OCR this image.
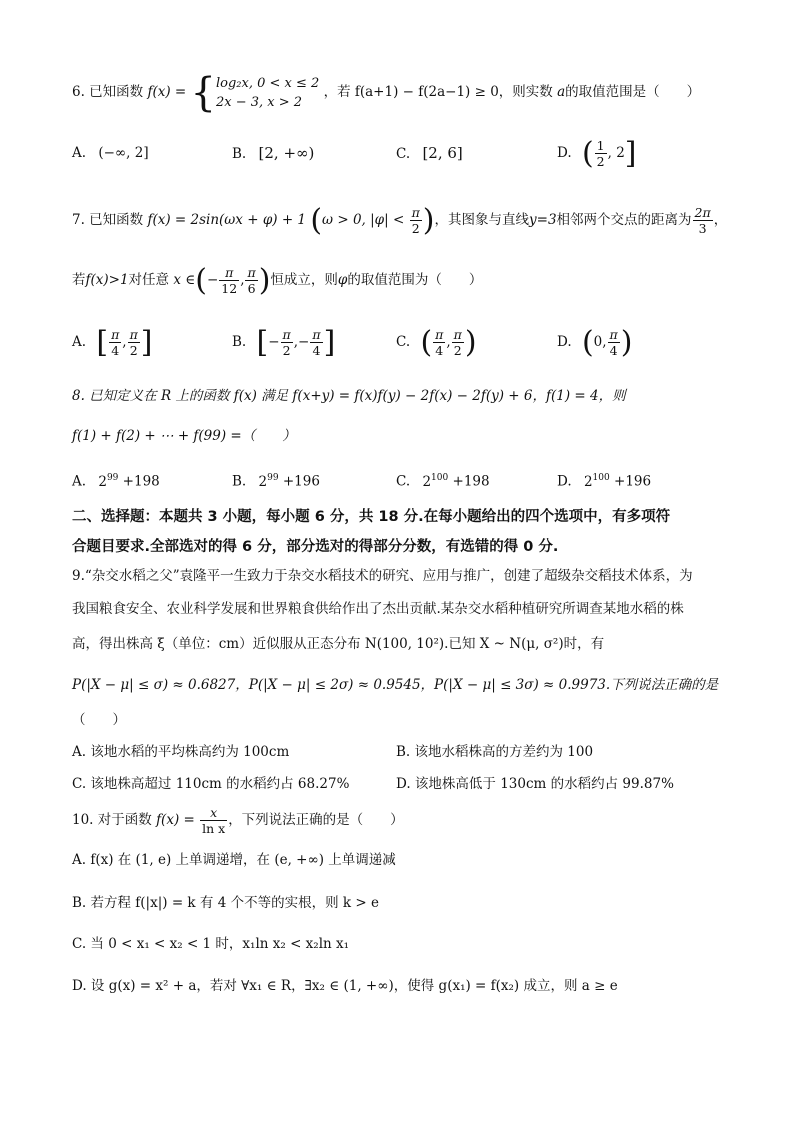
6. 已知函数 f(x) = { log₂x, 0 < x ≤ 2
2x − 3, x > 2
，若 f(a+1) − f(2a−1) ≥ 0，则实数 a的取值范围是（　　）
A. (−∞, 2]	B. [2, +∞)	C. [2, 6]	D. ( $\frac{1}{2}$ , 2]
7. 已知函数 f(x) = 2sin(ωx + φ) + 1 (ω > 0, $|\varphi| < \frac{\pi}{2}$ )，其图象与直线y=3相邻两个交点的距离为 $\frac{2\pi}{3}$ ，
若f(x)>1对任意 x ∈(− $\frac{\pi}{12}$ , $\frac{\pi}{6}$ )恒成立，则φ的取值范围为（　　）
A. [ $\frac{\pi}{4}$ , $\frac{\pi}{2}$ ]	B. [− $\frac{\pi}{2}$ ,− $\frac{\pi}{4}$ ]	C. ( $\frac{\pi}{4}$ , $\frac{\pi}{2}$ )	D. (0, $\frac{\pi}{4}$ )
8. 已知定义在 R 上的函数 f(x) 满足 f(x+y) = f(x)f(y) − 2f(x) − 2f(y) + 6，f(1) = 4，则
f(1) + f(2) + ⋯ + f(99) =（　　）
A. $2^{99} +198$	B. $2^{99} +196$	C. $2^{100} +198$	D. $2^{100} +196$
二、选择题：本题共 3 小题，每小题 6 分，共 18 分.在每小题给出的四个选项中，有多项符
合题目要求.全部选对的得 6 分，部分选对的得部分分数，有选错的得 0 分.
9.“杂交水稻之父”袁隆平一生致力于杂交水稻技术的研究、应用与推广，创建了超级杂交稻技术体系，为
我国粮食安全、农业科学发展和世界粮食供给作出了杰出贡献.某杂交水稻种植研究所调查某地水稻的株
高，得出株高 ξ（单位：cm）近似服从正态分布 N(100, 10²).已知 X ~ N(μ, σ²)时，有
P(|X − μ| ≤ σ) ≈ 0.6827，P(|X − μ| ≤ 2σ) ≈ 0.9545，P(|X − μ| ≤ 3σ) ≈ 0.9973.下列说法正确的是
（　　）
A. 该地水稻的平均株高约为 100cm	B. 该地水稻株高的方差约为 100
C. 该地株高超过 110cm 的水稻约占 68.27%	D. 该地株高低于 130cm 的水稻约占 99.87%
10. 对于函数 $f(x) = \frac{x}{\text{ln x}}$ ，下列说法正确的是（　　）
A. f(x) 在 (1, e) 上单调递增，在 (e, +∞) 上单调递减
B. 若方程 f(|x|) = k 有 4 个不等的实根，则 k > e
C. 当 0 < x₁ < x₂ < 1 时，x₁ln x₂ < x₂ln x₁
D. 设 g(x) = x² + a，若对 ∀x₁ ∈ R，∃x₂ ∈ (1, +∞)，使得 g(x₁) = f(x₂) 成立，则 a ≥ e
